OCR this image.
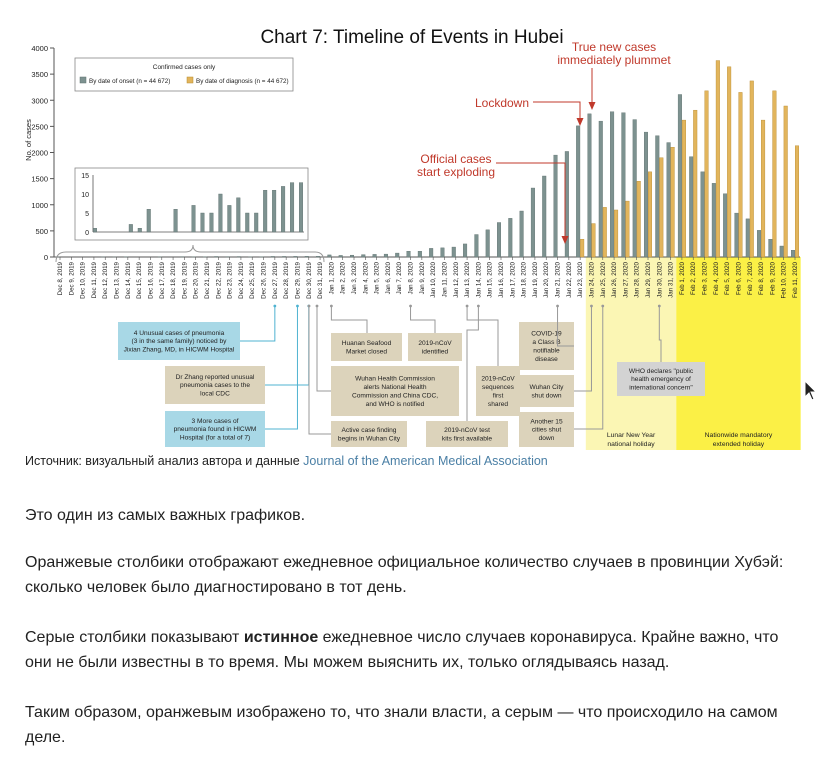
Chart 7: Timeline of Events in Hubei
0
500
1000
1500
2000
2500
3000
3500
4000
No. of cases
Dec 8, 2019 Dec 9, 2019 Dec 10, 2019 Dec 11, 2019 Dec 12, 2019 Dec 13, 2019 Dec 14, 2019 Dec 15, 2019 Dec 16, 2019 Dec 17, 2019 Dec 18, 2019 Dec 19, 2019 Dec 20, 2019 Dec 21, 2019 Dec 22, 2019 Dec 23, 2019 Dec 24, 2019 Dec 25, 2019 Dec 26, 2019 Dec 27, 2019 Dec 28, 2019 Dec 29, 2019 Dec 30, 2019 Dec 31, 2019 Jan 1, 2020 Jan 2, 2020 Jan 3, 2020 Jan 4, 2020 Jan 5, 2020 Jan 6, 2020 Jan 7, 2020 Jan 8, 2020 Jan 9, 2020 Jan 10, 2020 Jan 11, 2020 Jan 12, 2020 Jan 13, 2020 Jan 14, 2020 Jan 15, 2020 Jan 16, 2020 Jan 17, 2020 Jan 18, 2020 Jan 19, 2020 Jan 20, 2020 Jan 21, 2020 Jan 22, 2020 Jan 23, 2020 Jan 24, 2020 Jan 25, 2020 Jan 26, 2020 Jan 27, 2020 Jan 28, 2020 Jan 29, 2020 Jan 30, 2020 Jan 31, 2020 Feb 1, 2020 Feb 2, 2020 Feb 3, 2020 Feb 4, 2020 Feb 5, 2020 Feb 6, 2020 Feb 7, 2020 Feb 8, 2020 Feb 9, 2020 Feb 10, 2020 Feb 11, 2020
Confirmed cases only
By date of onset (n = 44 672)	By date of diagnosis (n = 44 672)
0
5
10
15
True new cases
immediately plummet
Lockdown
Official cases
start exploding
4 Unusual cases of pneumonia
(3 in the same family) noticed by
Jixian Zhang, MD, in HICWM Hospital
Dr Zhang reported unusual
pneumonia cases to the
local CDC
3 More cases of
pneumonia found in HICWM
Hospital (for a total of 7)
Huanan Seafood
Market closed
2019-nCoV
identified
Wuhan Health Commission
alerts National Health
Commission and China CDC,
and WHO is notified
2019-nCoV
sequences
first
shared
Active case finding
begins in Wuhan City
2019-nCoV test
kits first available
COVID-19
a Class B
notifiable
disease
Wuhan City
shut down
Another 15
cities shut
down
WHO declares "public
health emergency of
international concern"
Lunar New Year
national holiday
Nationwide mandatory
extended holiday
Источник: визуальный анализ автора и данные Journal of the American Medical Association

Это один из самых важных графиков.

Оранжевые столбики отображают ежедневное официальное количество случаев в провинции Хубэй: сколько человек было диагностировано в тот день.

Серые столбики показывают истинное ежедневное число случаев коронавируса. Крайне важно, что они не были известны в то время. Мы можем выяснить их, только оглядываясь назад.

Таким образом, оранжевым изображено то, что знали власти, а серым — что происходило на самом деле.
